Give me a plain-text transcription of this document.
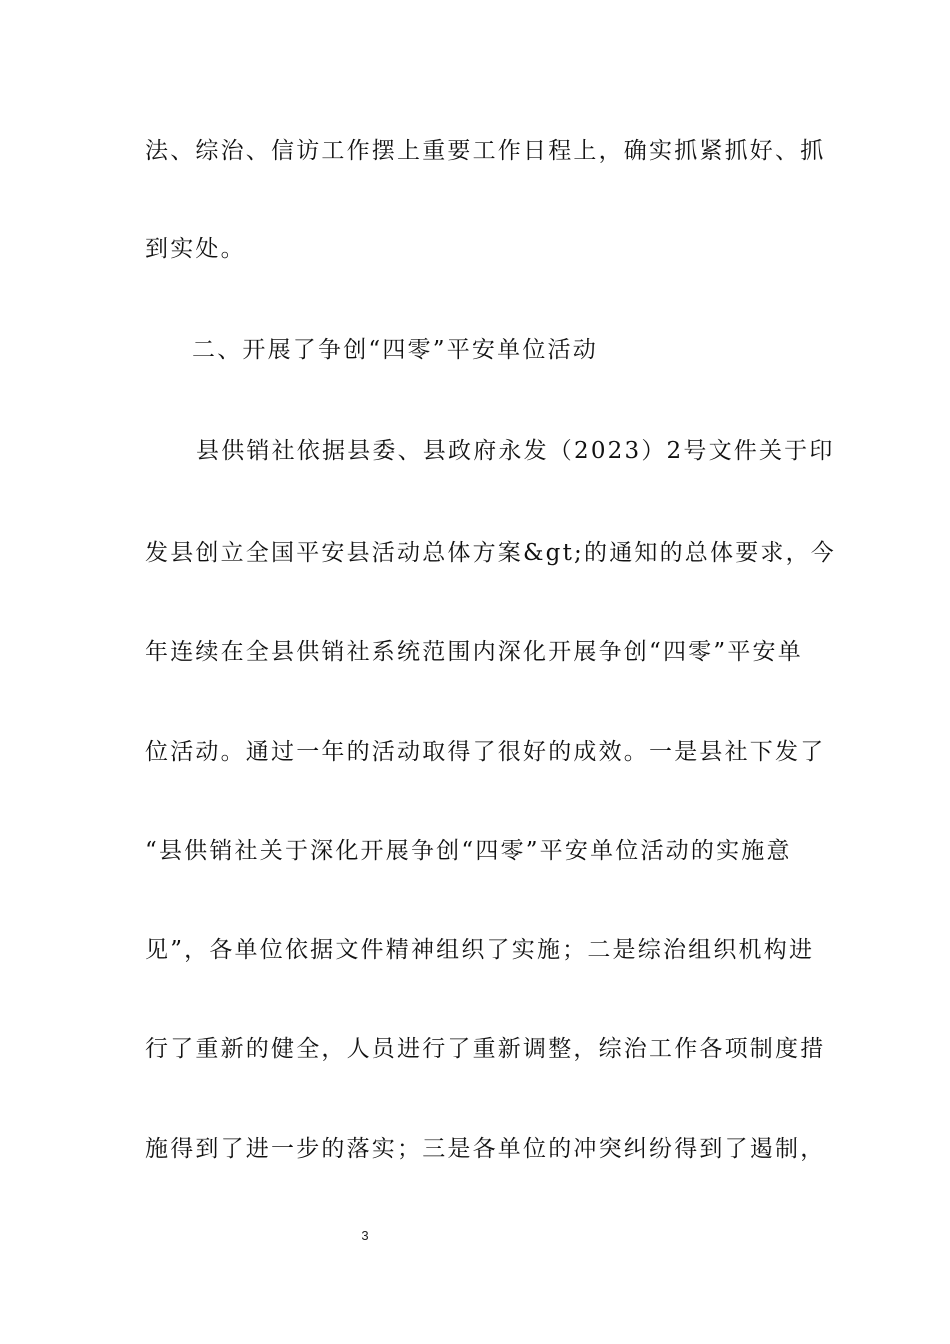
法、综治、信访工作摆上重要工作日程上，确实抓紧抓好、抓
到实处。
二、开展了争创“四零”平安单位活动
县供销社依据县委、县政府永发（2023）2号文件关于印
发县创立全国平安县活动总体方案&gt;的通知的总体要求，今
年连续在全县供销社系统范围内深化开展争创“四零”平安单
位活动。通过一年的活动取得了很好的成效。一是县社下发了
“县供销社关于深化开展争创“四零”平安单位活动的实施意
见”，各单位依据文件精神组织了实施；二是综治组织机构进
行了重新的健全，人员进行了重新调整，综治工作各项制度措
施得到了进一步的落实；三是各单位的冲突纠纷得到了遏制，
3
